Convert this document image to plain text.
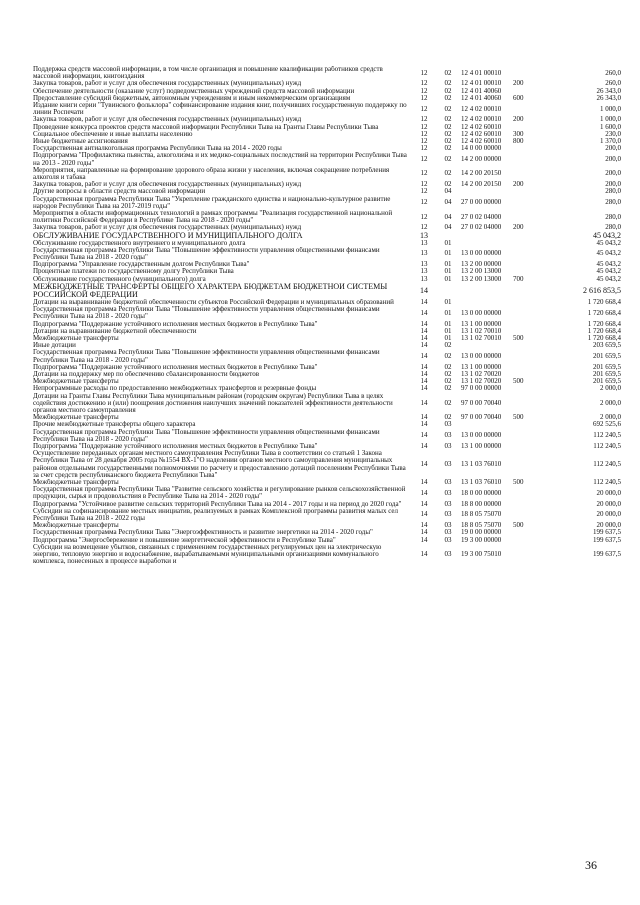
Поддержка средств массовой информации, в том числе организация и повышение квалификации работников средств массовой информации, книгоиздания	12	02	12 4 01 00010		260,0
Закупка товаров, работ и услуг для обеспечения государственных (муниципальных) нужд	12	02	12 4 01 00010	200	260,0
Обеспечение деятельности (оказание услуг) подведомственных учреждений средств массовой информации	12	02	12 4 01 40060		26 343,0
Предоставление субсидий бюджетным, автономным учреждениям и иным некоммерческим организациям	12	02	12 4 01 40060	600	26 343,0
Издание книги серии "Тувинского фольклора" софинансирование издания книг, получивших государственную поддержку по линии Роспечати	12	02	12 4 02 00010		1 000,0
Закупка товаров, работ и услуг для обеспечения государственных (муниципальных) нужд	12	02	12 4 02 00010	200	1 000,0
Проведение конкурса проектов средств массовой информации Республики Тыва на Гранты Главы Республики Тыва	12	02	12 4 02 60010		1 600,0
Социальное обеспечение и иные выплаты населению	12	02	12 4 02 60010	300	230,0
Иные бюджетные ассигнования	12	02	12 4 02 60010	800	1 370,0
Государственная антиалкогольная программа Республики Тыва на 2014 - 2020 годы	12	02	14 0 00 00000		200,0
Подпрограмма "Профилактика пьянства, алкоголизма и их медико-социальных последствий на территории Республики Тыва на 2013 - 2020 годы"	12	02	14 2 00 00000		200,0
Мероприятия, направленные на формирование здорового образа жизни у населения, включая сокращение потребления алкоголя и табака	12	02	14 2 00 20150		200,0
Закупка товаров, работ и услуг для обеспечения государственных (муниципальных) нужд	12	02	14 2 00 20150	200	200,0
Другие вопросы в области средств массовой информации	12	04			280,0
Государственная программа Республики Тыва "Укрепление гражданского единства и национально-культурное развитие народов Республики Тыва на 2017-2019 годы"	12	04	27 0 00 00000		280,0
Мероприятия в области информационных технологий в рамках программы "Реализация государственной национальной политики Российской Федерации в Республике Тыва на 2018 - 2020 годы"	12	04	27 0 02 04000		280,0
Закупка товаров, работ и услуг для обеспечения государственных (муниципальных) нужд	12	04	27 0 02 04000	200	280,0
ОБСЛУЖИВАНИЕ ГОСУДАРСТВЕННОГО И МУНИЦИПАЛЬНОГО ДОЛГА	13				45 043,2
Обслуживание государственного внутреннего и муниципального долга	13	01			45 043,2
Государственная программа Республики Тыва "Повышение эффективности управления общественными финансами Республики Тыва на 2018 - 2020 годы"	13	01	13 0 00 00000		45 043,2
Подпрограмма "Управление государственным долгом Республики Тыва"	13	01	13 2 00 00000		45 043,2
Процентные платежи по государственному долгу Республики Тыва	13	01	13 2 00 13000		45 043,2
Обслуживание государственного (муниципального) долга	13	01	13 2 00 13000	700	45 043,2
МЕЖБЮДЖЕТНЫЕ ТРАНСФЕРТЫ ОБЩЕГО ХАРАКТЕРА БЮДЖЕТАМ БЮДЖЕТНОЙ СИСТЕМЫ РОССИЙСКОЙ ФЕДЕРАЦИИ	14				2 616 853,5
Дотации на выравнивание бюджетной обеспеченности субъектов Российской Федерации и муниципальных образований	14	01			1 720 668,4
Государственная программа Республики Тыва "Повышение эффективности управления общественными финансами Республики Тыва на 2018 - 2020 годы"	14	01	13 0 00 00000		1 720 668,4
Подпрограмма "Поддержание устойчивого исполнения местных бюджетов в Республике Тыва"	14	01	13 1 00 00000		1 720 668,4
Дотации на выравнивание бюджетной обеспеченности	14	01	13 1 02 70010		1 720 668,4
Межбюджетные трансферты	14	01	13 1 02 70010	500	1 720 668,4
Иные дотации	14	02			203 659,5
Государственная программа Республики Тыва "Повышение эффективности управления общественными финансами Республики Тыва на 2018 - 2020 годы"	14	02	13 0 00 00000		201 659,5
Подпрограмма "Поддержание устойчивого исполнения местных бюджетов в Республике Тыва"	14	02	13 1 00 00000		201 659,5
Дотации на поддержку мер по обеспечению сбалансированности бюджетов	14	02	13 1 02 70020		201 659,5
Межбюджетные трансферты	14	02	13 1 02 70020	500	201 659,5
Непрограммные расходы по предоставлению межбюджетных трансфертов и резервные фонды	14	02	97 0 00 00000		2 000,0
Дотации на Гранты Главы Республики Тыва муниципальным районам (городским округам) Республики Тыва в целях содействия достижению и (или) поощрения достижения наилучших значений показателей эффективности деятельности органов местного самоуправления	14	02	97 0 00 70040		2 000,0
Межбюджетные трансферты	14	02	97 0 00 70040	500	2 000,0
Прочие межбюджетные трансферты общего характера	14	03			692 525,6
Государственная программа Республики Тыва "Повышение эффективности управления общественными финансами Республики Тыва на 2018 - 2020 годы"	14	03	13 0 00 00000		112 240,5
Подпрограмма "Поддержание устойчивого исполнения местных бюджетов в Республике Тыва"	14	03	13 1 00 00000		112 240,5
Осуществление переданных органам местного самоуправления Республики Тыва в соответствии со статьей 1 Закона Республики Тыва от 28 декабря 2005 года №1554 ВХ-1"О наделении органов местного самоуправления муниципальных районов отдельными государственными полномочиями по расчету и предоставлению дотаций поселениям Республики Тыва за счет средств республиканского бюджета Республики Тыва"	14	03	13 1 03 76010		112 240,5
Межбюджетные трансферты	14	03	13 1 03 76010	500	112 240,5
Государственная программа Республики Тыва "Развитие сельского хозяйства и регулирование рынков сельскохозяйственной продукции, сырья и продовольствия в Республике Тыва на 2014 - 2020 годы"	14	03	18 0 00 00000		20 000,0
Подпрограмма "Устойчивое развитие сельских территорий Республики Тыва на 2014 - 2017 годы и на период до 2020 года"	14	03	18 8 00 00000		20 000,0
Субсидии на софинансирование местных инициатив, реализуемых в рамках Комплексной программы развития малых сел Республики Тыва на 2018 - 2022 годы	14	03	18 8 05 75070		20 000,0
Межбюджетные трансферты	14	03	18 8 05 75070	500	20 000,0
Государственная программа Республики Тыва "Энергоэффективность и развитие энергетики на 2014 - 2020 годы"	14	03	19 0 00 00000		199 637,5
Подпрограмма "Энергосбережение и повышение энергетической эффективности в Республике Тыва"	14	03	19 3 00 00000		199 637,5
Субсидии на возмещение убытков, связанных с применением государственных регулируемых цен на электрическую энергию, тепловую энергию и водоснабжение, вырабатываемыми муниципальными организациями коммунального комплекса, понесенных в процессе выработки и	14	03	19 3 00 75010		199 637,5
36
